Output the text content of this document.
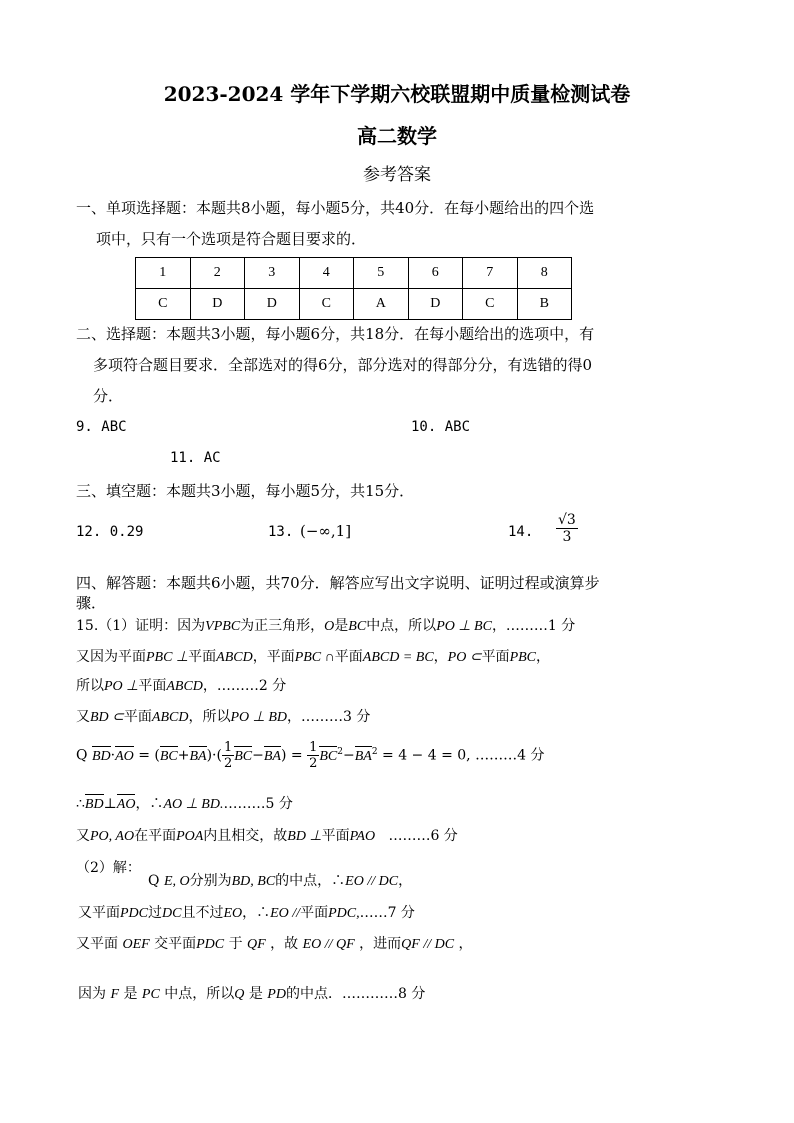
2023-2024 学年下学期六校联盟期中质量检测试卷
高二数学
参考答案
一、单项选择题：本题共8小题，每小题5分，共40分．在每小题给出的四个选
项中，只有一个选项是符合题目要求的．
1	2	3	4	5	6	7	8
C	D	D	C	A	D	C	B
二、选择题：本题共3小题，每小题6分，共18分．在每小题给出的选项中，有
多项符合题目要求．全部选对的得6分，部分选对的得部分分，有选错的得0
分．
9. ABC	10. ABC
11. AC
三、填空题：本题共3小题，每小题5分，共15分．
12. 0.29	13. (−∞,1]	14. $\frac{√3}{3}$
四、解答题：本题共6小题，共70分．解答应写出文字说明、证明过程或演算步
骤．
15.（1）证明：因为VPBC为正三角形，O是BC中点，所以PO ⊥ BC，………1 分
又因为平面PBC ⊥平面ABCD，平面PBC ∩平面ABCD = BC，PO ⊂平面PBC，
所以PO ⊥平面ABCD，………2 分
又BD ⊂平面ABCD，所以PO ⊥ BD，………3 分
Q $BD\cdot AO = (BC+BA)\cdot( \frac{1}{2} BC-BA) = \frac{1}{2} BC^2-BA^2 = 4 - 4 = 0$, ………4 分
∴BD⊥AO，∴AO ⊥ BD.………5 分
又PO, AO在平面POA内且相交，故BD ⊥平面PAO ………6 分
（2）解：
Q E, O分别为BD, BC的中点，∴EO // DC，
又平面PDC过DC且不过EO，∴EO //平面PDC,……7 分
又平面 OEF 交平面PDC 于 QF ，故 EO // QF ，进而QF // DC ，
因为 F 是 PC 中点，所以Q 是 PD的中点．…………8 分
